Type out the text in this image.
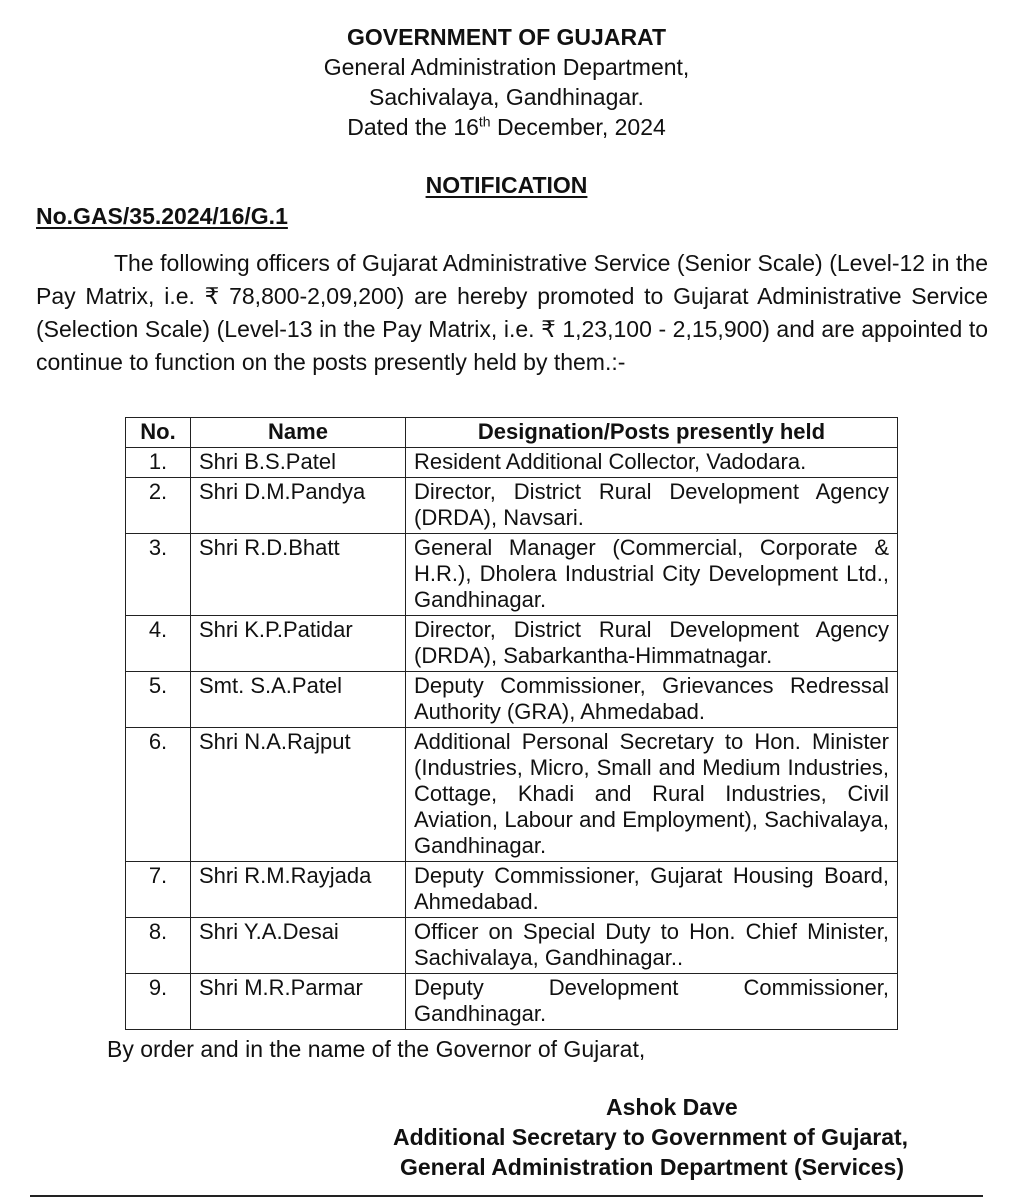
GOVERNMENT OF GUJARAT
General Administration Department,
Sachivalaya, Gandhinagar.
Dated the 16th December, 2024
NOTIFICATION
No.GAS/35.2024/16/G.1
The following officers of Gujarat Administrative Service (Senior Scale) (Level-12 in the Pay Matrix, i.e. ₹ 78,800-2,09,200) are hereby promoted to Gujarat Administrative Service (Selection Scale) (Level-13 in the Pay Matrix, i.e. ₹ 1,23,100 - 2,15,900) and are appointed to continue to function on the posts presently held by them.:-
No.	Name	Designation/Posts presently held
1.	Shri B.S.Patel	Resident Additional Collector, Vadodara.
2.	Shri D.M.Pandya	Director, District Rural Development Agency (DRDA), Navsari.
3.	Shri R.D.Bhatt	General Manager (Commercial, Corporate & H.R.), Dholera Industrial City Development Ltd., Gandhinagar.
4.	Shri K.P.Patidar	Director, District Rural Development Agency (DRDA), Sabarkantha-Himmatnagar.
5.	Smt. S.A.Patel	Deputy Commissioner, Grievances Redressal Authority (GRA), Ahmedabad.
6.	Shri N.A.Rajput	Additional Personal Secretary to Hon. Minister (Industries, Micro, Small and Medium Industries, Cottage, Khadi and Rural Industries, Civil Aviation, Labour and Employment), Sachivalaya, Gandhinagar.
7.	Shri R.M.Rayjada	Deputy Commissioner, Gujarat Housing Board, Ahmedabad.
8.	Shri Y.A.Desai	Officer on Special Duty to Hon. Chief Minister, Sachivalaya, Gandhinagar..
9.	Shri M.R.Parmar	Deputy Development Commissioner, Gandhinagar.
By order and in the name of the Governor of Gujarat,
Ashok Dave
Additional Secretary to Government of Gujarat,
General Administration Department (Services)
